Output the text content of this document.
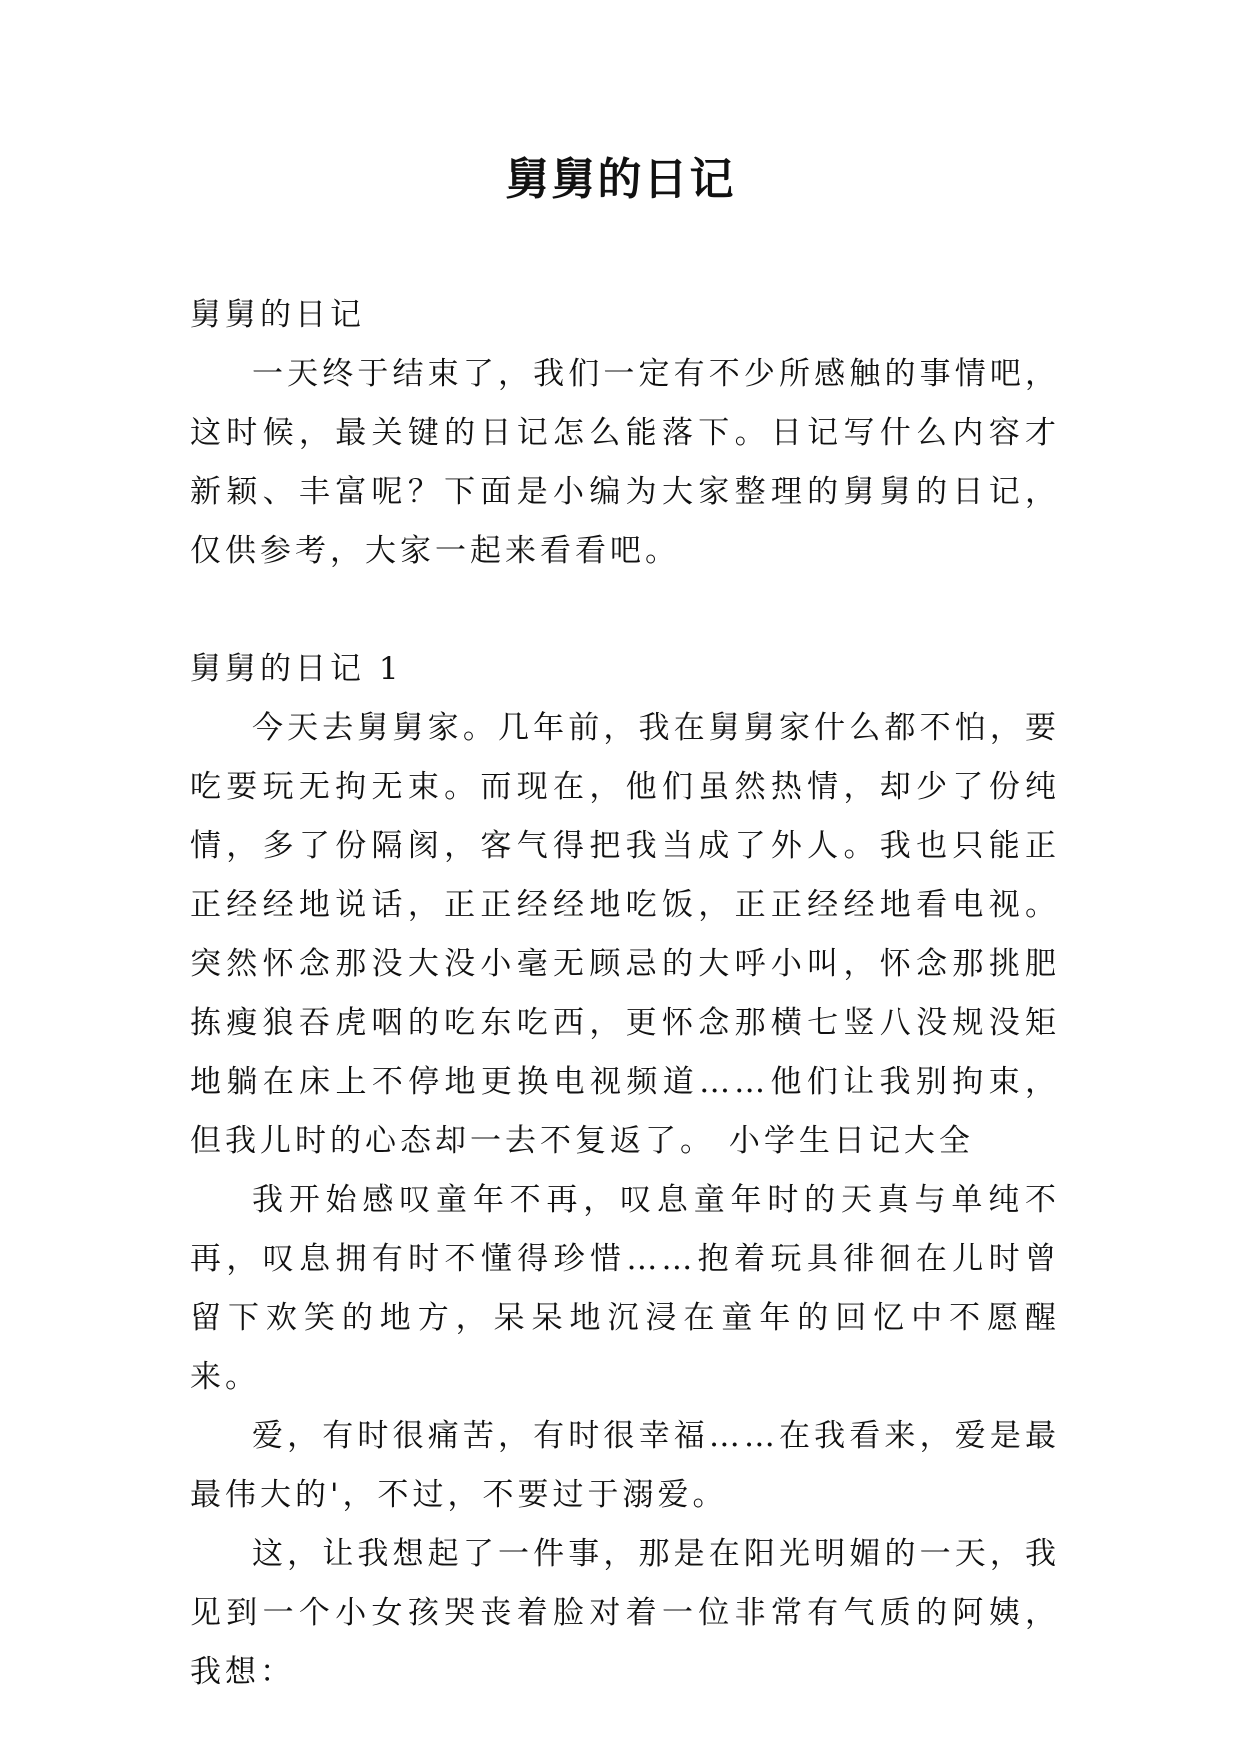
舅舅的日记

舅舅的日记

一天终于结束了，我们一定有不少所感触的事情吧，这时候，最关键的日记怎么能落下。日记写什么内容才新颖、丰富呢？下面是小编为大家整理的舅舅的日记，仅供参考，大家一起来看看吧。

舅舅的日记 1

今天去舅舅家。几年前，我在舅舅家什么都不怕，要吃要玩无拘无束。而现在，他们虽然热情，却少了份纯情，多了份隔阂，客气得把我当成了外人。我也只能正正经经地说话，正正经经地吃饭，正正经经地看电视。突然怀念那没大没小毫无顾忌的大呼小叫，怀念那挑肥拣瘦狼吞虎咽的吃东吃西，更怀念那横七竖八没规没矩地躺在床上不停地更换电视频道……他们让我别拘束，但我儿时的心态却一去不复返了。 小学生日记大全

我开始感叹童年不再，叹息童年时的天真与单纯不再，叹息拥有时不懂得珍惜……抱着玩具徘徊在儿时曾留下欢笑的地方，呆呆地沉浸在童年的回忆中不愿醒来。

爱，有时很痛苦，有时很幸福……在我看来，爱是最最伟大的'，不过，不要过于溺爱。

这，让我想起了一件事，那是在阳光明媚的一天，我见到一个小女孩哭丧着脸对着一位非常有气质的阿姨，我想：
